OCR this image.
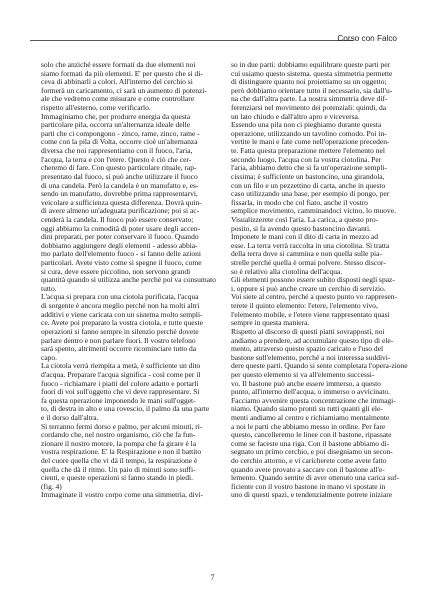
Corso con Falco
solo che anziché essere formati da due elementi noi
siamo formati da più elementi. E' per questo che si di-
ceva di abbinarli a colori. All'interno del cerchio si
formerà un caricamento, ci sarà un aumento di potenzi-
ale che vedremo come misurare e come controllare
rispetto all'esterno, come verificarlo.
Immaginiamo che, per produrre energia da questa
particolare pila, occorra un'alternanza ideale delle
parti che ci compongono - zinco, rame, zinco, rame -
come con la pila di Volta, occorre cioè un'alternanza
diversa che noi rappresentiamo con il fuoco, l'aria,
l'acqua, la terra e con l'etere. Questo è ciò che cer-
cheremo di fare. Con questo particolare rituale, rap-
presentato dal fuoco, si può anche utilizzare il fuoco
di una candela. Però la candela è un manufatto e, es-
sendo un manufatto, dovrebbe prima rappresentarvi,
veicolare a sufficienza questa differenza. Dovrà quin-
di avere almeno un'adeguata purificazione; poi si ac-
cenderà la candela. Il fuoco può essere conservato;
oggi abbiamo la comodità di poter usare degli accen-
dini preparati, per poter conservare il fuoco. Quando
dobbiamo aggiungere degli elementi - adesso abbia-
mo parlato dell'elemento fuoco - si fanno delle azioni
particolari. Avete visto come si spegne il fuoco, come
si cura, deve essere piccolino, non servono grandi
quantità quando si utilizza anche perché poi va consumato
tutto.
L'acqua si prepara con una ciotola purificata, l'acqua
di sorgente è ancora meglio perché non ha molti altri
additivi e viene caricata con un sistema molto sempli-
ce. Avete poi preparato la vostra ciotola, e tutte queste
operazioni si fanno sempre in silenzio perché dovete
parlare dentro e non parlare fuori. Il vostro telefono
sarà spento, altrimenti occorre ricominciare tutto da
capo.
La ciotola verrà riempita a metà, è sufficiente un dito
d'acqua. Preparare l'acqua significa - così come per il
fuoco - richiamare i piatti del colore adatto e portarli
fuori di voi sull'oggetto che vi deve rappresentare. Si
fa questa operazione imponendo le mani sull'ogget-
to, di destra in alto e una rovescio, il palmo da una parte
e il dorso dall'altra.
Si terranno fermi dorso e palmo, per alcuni minuti, ri-
cordando che, nel nostro organismo, ciò che fa fun-
zionare il nostro motore, la pompa che fa girare è la
vostra respirazione. E' la Respirazione e non il battito
del cuore quella che vi dà il tempo, la respirazione è
quella che dà il ritmo. Un paio di minuti sono suffi-
cienti, e queste operazioni si fanno stando in piedi.
(fig. 4)
Immaginate il vostro corpo come una simmetria, divi-
so in due parti: dobbiamo equilibrare queste parti per
cui usiamo questo sistema. questa simmetria permette
di distinguere quanto noi proiettiamo su un oggetto;
però dobbiamo orientare tutto il necessario, sia dall'u-
na che dall'altra parte. La nostra simmetria deve dif-
ferenziarsi nel movimento dei potenziali: quindi, da
un lato chiudo e dall'altro apro e viceversa.
Essendo una pila non ci pieghiamo durante questa
operazione, utilizzando un tavolino comodo. Poi in-
vertite le mani e fate come nell'operazione preceden-
te. Fatta questa preparazione mettere l'elemento nel
secondo luogo, l'acqua con la vostra ciotolina. Per
l'aria, abbiamo detto che si fa un'operazione sempli-
cissima; è sufficiente un bastoncino, una girandola,
con un filo e un pezzettino di carta, anche in questo
caso utilizzando una base, per esempio di pongo, per
fissarla, in modo che col fiato, anche il vostro
semplice movimento, camminandoci vicino, lo muove.
Visualizzerete così l'aria. La carica, a questo pro-
posito, si fa avendo questo bastoncino davanti.
Imponete le mani con il dito di carta in mezzo ad
esse. La terra verrà raccolta in una ciotolina. Si tratta
della terra dove si cammina e non quella sulle pia-
strelle perché quella è ormai polvere. Stesso discor-
so è relativo alla ciotolina dell'acqua.
Gli elementi possono essere subito disposti negli spaz-
i, oppure si può anche creare un cerchio di servizio.
Voi siete al centro, perché a questo punto vo rappresen-
terete il quinto elemento: l'etere, l'elemento vivo,
l'elemento mobile, e l'etere viene rappresentato quasi
sempre in questa maniera.
Rispetto al discorso di questi piatti sovrapposti, noi
andiamo a prendere, ad accumulare questo tipo di ele-
mento, attraverso questo spazio caricato e l'uso del
bastone sull'elemento, perché a noi interessa suddivi-
dere queste parti. Quando si sente completata l'opera-zione
per questo elemento si va all'elemento successi-
vo. Il bastone può anche essere immerso, a questo
punto, all'interno dell'acqua, o immerso o avvicinato.
Facciamo avvenire questa concentrazione che immagi-
niamo. Quando siamo pronti su tutti quanti gli ele-
menti andiamo al centro e richiamiamo mentalmente
a noi le parti che abbiamo messo in ordine. Per fare
questo, cancelleremo le linee con il bastone, ripassate
come se faceste una riga. Con il bastone abbiamo di-
segnato un primo cerchio, e poi disegniamo un secon-
do cerchio attorno, e vi caricherete come avete fatto
quando avete provato a saccare con il bastone all'e-
lemento. Quando sentite di aver ottenuto una carica suf-
ficiente con il vostro bastone in mano vi spostate in
uno di questi spazi, e tendenzialmente potrete iniziare
7
